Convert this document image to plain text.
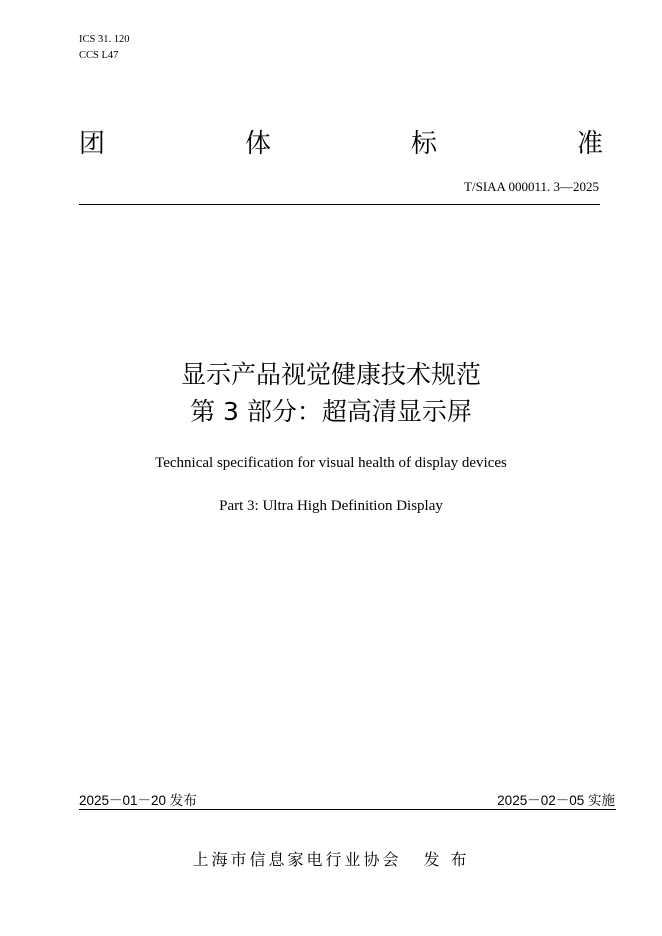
ICS 31. 120
CCS L47
团	体	标	准
T/SIAA 000011. 3—2025
显示产品视觉健康技术规范
第 3 部分：超高清显示屏
Technical specification for visual health of display devices
Part 3: Ultra High Definition Display
2025－01－20 发布	2025－02－05 实施
上海市信息家电行业协会 发 布
